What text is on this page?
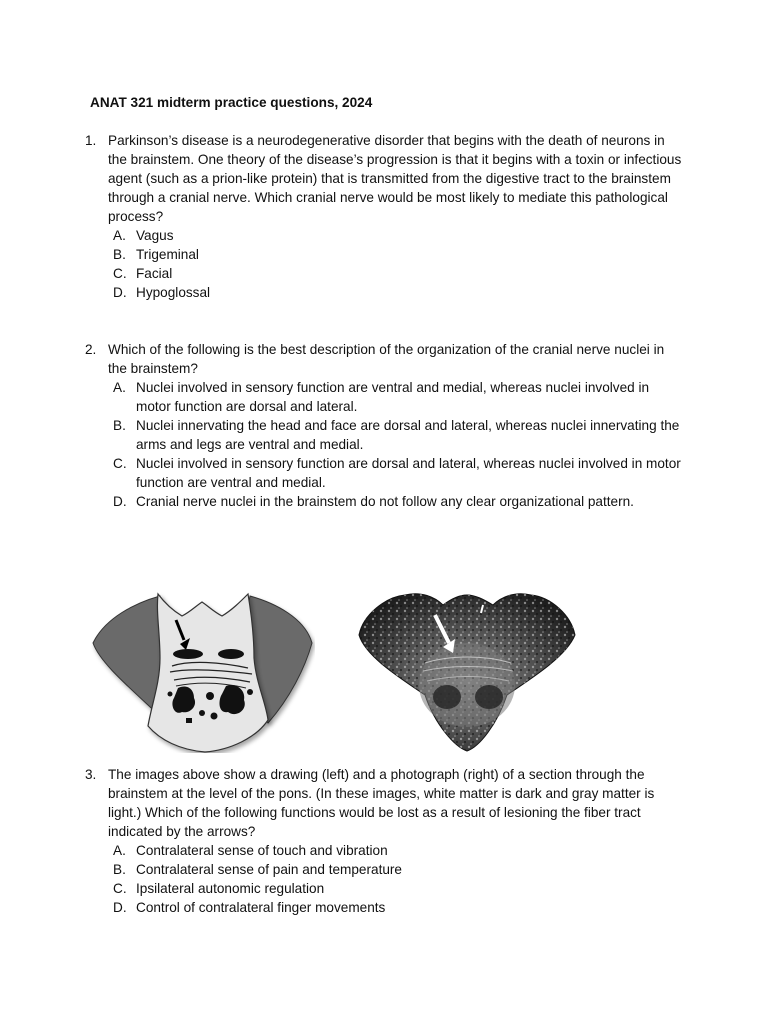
ANAT 321 midterm practice questions, 2024
1. Parkinson’s disease is a neurodegenerative disorder that begins with the death of neurons in the brainstem. One theory of the disease’s progression is that it begins with a toxin or infectious agent (such as a prion-like protein) that is transmitted from the digestive tract to the brainstem through a cranial nerve. Which cranial nerve would be most likely to mediate this pathological process?
A. Vagus
B. Trigeminal
C. Facial
D. Hypoglossal
2. Which of the following is the best description of the organization of the cranial nerve nuclei in the brainstem?
A. Nuclei involved in sensory function are ventral and medial, whereas nuclei involved in motor function are dorsal and lateral.
B. Nuclei innervating the head and face are dorsal and lateral, whereas nuclei innervating the arms and legs are ventral and medial.
C. Nuclei involved in sensory function are dorsal and lateral, whereas nuclei involved in motor function are ventral and medial.
D. Cranial nerve nuclei in the brainstem do not follow any clear organizational pattern.
3. The images above show a drawing (left) and a photograph (right) of a section through the brainstem at the level of the pons. (In these images, white matter is dark and gray matter is light.) Which of the following functions would be lost as a result of lesioning the fiber tract indicated by the arrows?
A. Contralateral sense of touch and vibration
B. Contralateral sense of pain and temperature
C. Ipsilateral autonomic regulation
D. Control of contralateral finger movements
